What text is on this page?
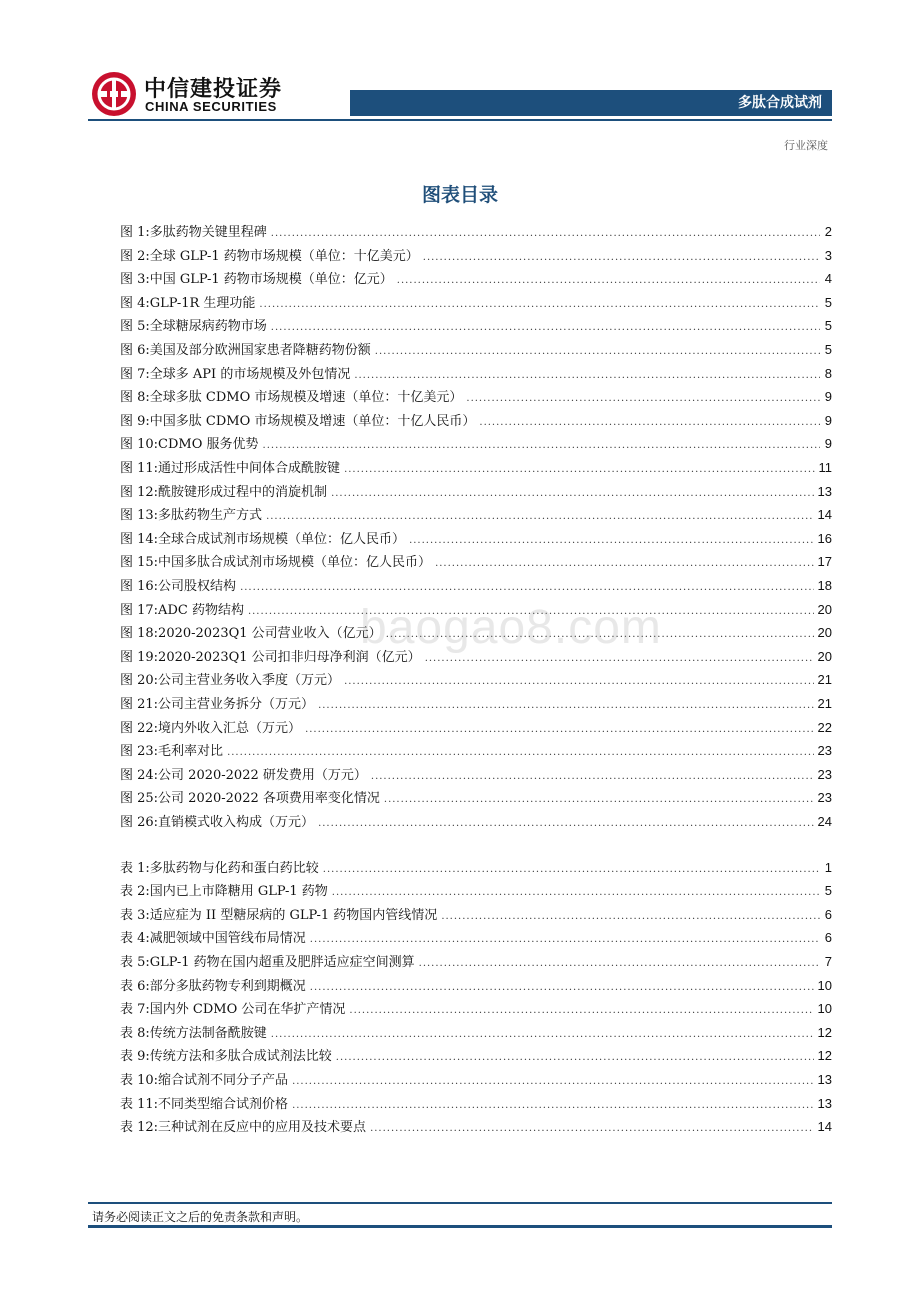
中信建投证券
CHINA SECURITIES	多肽合成试剂
行业深度
图表目录
图 1:多肽药物关键里程碑 .....	2
图 2:全球 GLP-1 药物市场规模（单位：十亿美元） .....	3
图 3:中国 GLP-1 药物市场规模（单位：亿元） .....	4
图 4:GLP-1R 生理功能 .....	5
图 5:全球糖尿病药物市场 .....	5
图 6:美国及部分欧洲国家患者降糖药物份额 .....	5
图 7:全球多 API 的市场规模及外包情况 .....	8
图 8:全球多肽 CDMO 市场规模及增速（单位：十亿美元） .....	9
图 9:中国多肽 CDMO 市场规模及增速（单位：十亿人民币） .....	9
图 10:CDMO 服务优势 .....	9
图 11:通过形成活性中间体合成酰胺键 .....	11
图 12:酰胺键形成过程中的消旋机制 .....	13
图 13:多肽药物生产方式 .....	14
图 14:全球合成试剂市场规模（单位：亿人民币） .....	16
图 15:中国多肽合成试剂市场规模（单位：亿人民币） .....	17
图 16:公司股权结构 .....	18
图 17:ADC 药物结构 .....	20
图 18:2020-2023Q1 公司营业收入（亿元） .....	20
图 19:2020-2023Q1 公司扣非归母净利润（亿元） .....	20
图 20:公司主营业务收入季度（万元） .....	21
图 21:公司主营业务拆分（万元） .....	21
图 22:境内外收入汇总（万元） .....	22
图 23:毛利率对比 .....	23
图 24:公司 2020-2022 研发费用（万元） .....	23
图 25:公司 2020-2022 各项费用率变化情况 .....	23
图 26:直销模式收入构成（万元） .....	24
表 1:多肽药物与化药和蛋白药比较 .....	1
表 2:国内已上市降糖用 GLP-1 药物 .....	5
表 3:适应症为 II 型糖尿病的 GLP-1 药物国内管线情况 .....	6
表 4:减肥领域中国管线布局情况 .....	6
表 5:GLP-1 药物在国内超重及肥胖适应症空间测算 .....	7
表 6:部分多肽药物专利到期概况 .....	10
表 7:国内外 CDMO 公司在华扩产情况 .....	10
表 8:传统方法制备酰胺键 .....	12
表 9:传统方法和多肽合成试剂法比较 .....	12
表 10:缩合试剂不同分子产品 .....	13
表 11:不同类型缩合试剂价格 .....	13
表 12:三种试剂在反应中的应用及技术要点 .....	14
baogao8.com
请务必阅读正文之后的免责条款和声明。
